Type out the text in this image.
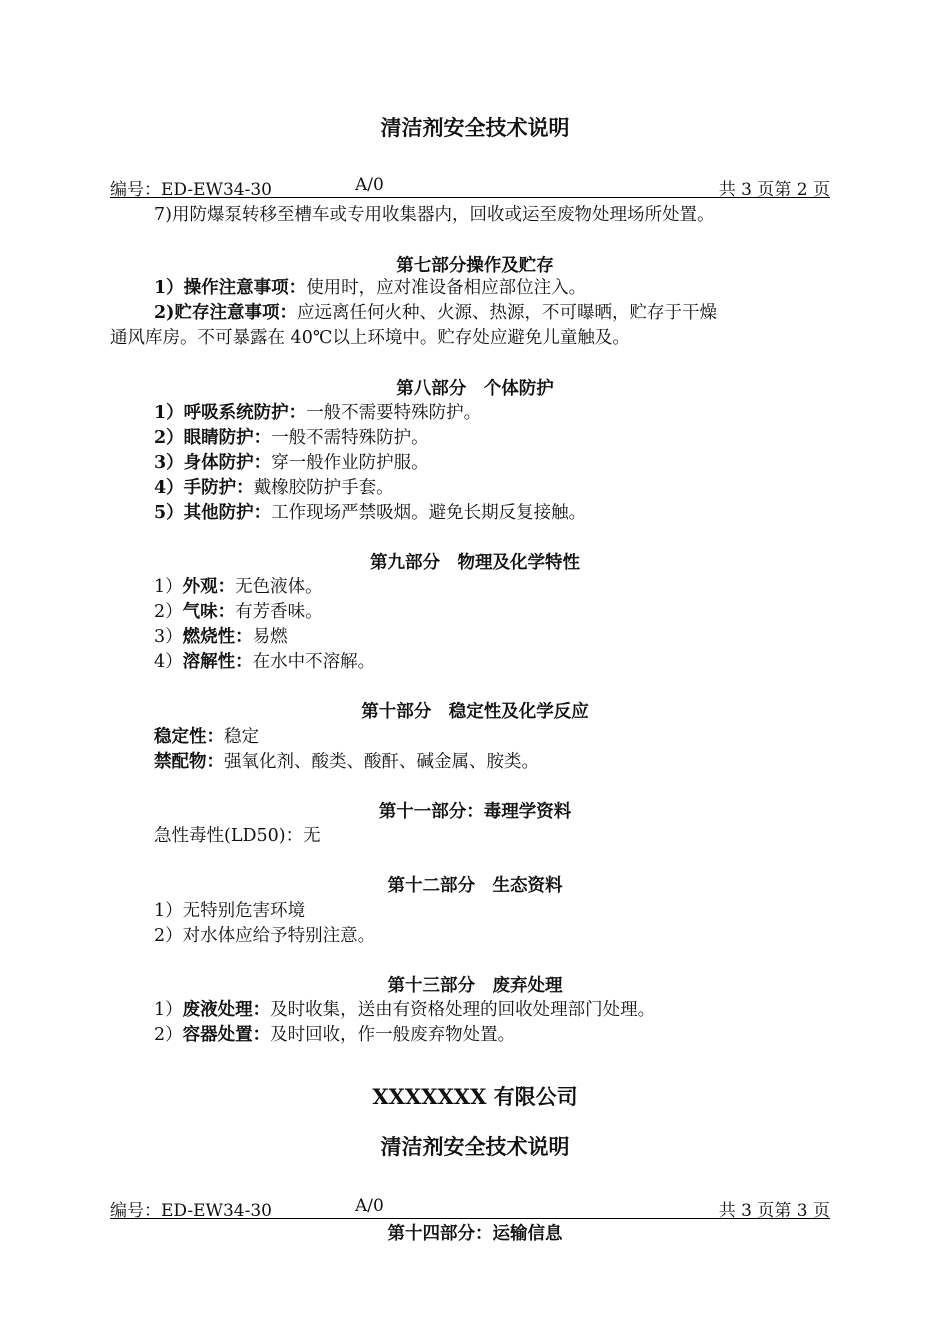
清洁剂安全技术说明
编号：ED-EW34-30	A/0	共 3 页第 2 页
7)用防爆泵转移至槽车或专用收集器内，回收或运至废物处理场所处置。
第七部分操作及贮存
1）操作注意事项：使用时，应对准设备相应部位注入。
2)贮存注意事项：应远离任何火种、火源、热源，不可曝晒，贮存于干燥
通风库房。不可暴露在 40℃以上环境中。贮存处应避免儿童触及。
第八部分　个体防护
1）呼吸系统防护：一般不需要特殊防护。
2）眼睛防护：一般不需特殊防护。
3）身体防护：穿一般作业防护服。
4）手防护：戴橡胶防护手套。
5）其他防护：工作现场严禁吸烟。避免长期反复接触。
第九部分　物理及化学特性
1）外观：无色液体。
2）气味：有芳香味。
3）燃烧性：易燃
4）溶解性：在水中不溶解。
第十部分　稳定性及化学反应
稳定性：稳定
禁配物：强氧化剂、酸类、酸酐、碱金属、胺类。
第十一部分：毒理学资料
急性毒性(LD50)：无
第十二部分　生态资料
1）无特别危害环境
2）对水体应给予特别注意。
第十三部分　废弃处理
1）废液处理：及时收集，送由有资格处理的回收处理部门处理。
2）容器处置：及时回收，作一般废弃物处置。
XXXXXXX 有限公司
清洁剂安全技术说明
编号：ED-EW34-30	A/0	共 3 页第 3 页
第十四部分：运输信息
